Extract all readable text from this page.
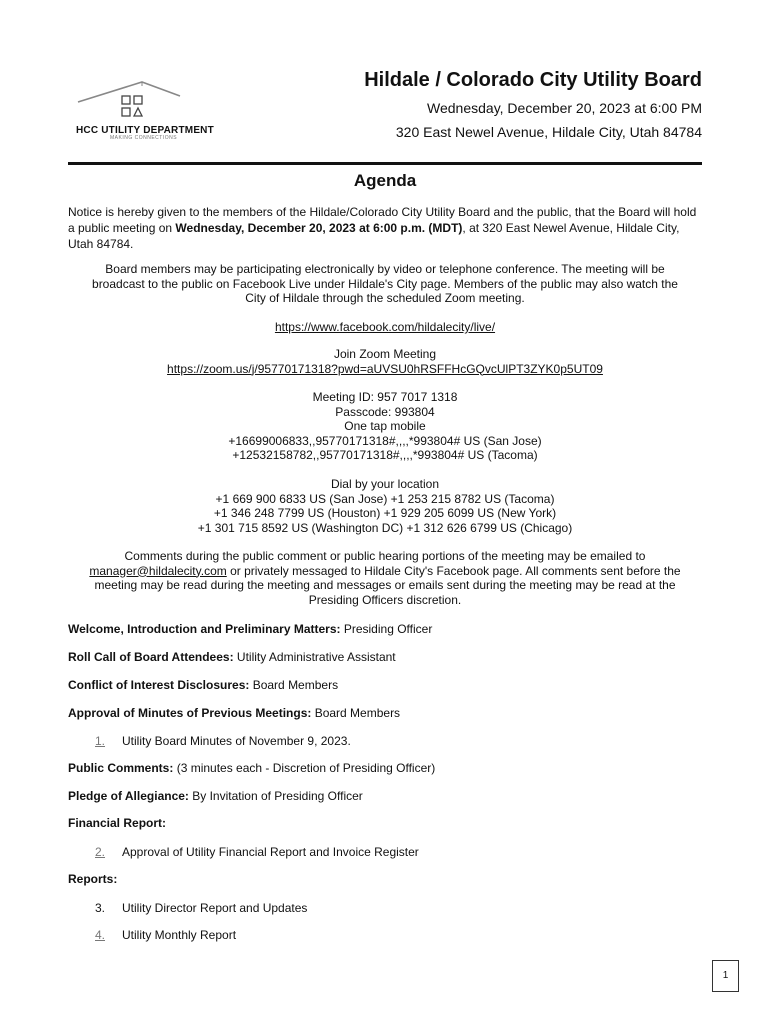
HCC UTILITY DEPARTMENT
MAKING CONNECTIONS
Hildale / Colorado City Utility Board
Wednesday, December 20, 2023 at 6:00 PM
320 East Newel Avenue, Hildale City, Utah 84784
Agenda
Notice is hereby given to the members of the Hildale/Colorado City Utility Board and the public, that the Board will hold a public meeting on Wednesday, December 20, 2023 at 6:00 p.m. (MDT), at 320 East Newel Avenue, Hildale City, Utah 84784.
Board members may be participating electronically by video or telephone conference. The meeting will be
broadcast to the public on Facebook Live under Hildale's City page. Members of the public may also watch the
City of Hildale through the scheduled Zoom meeting.
https://www.facebook.com/hildalecity/live/
Join Zoom Meeting
https://zoom.us/j/95770171318?pwd=aUVSU0hRSFFHcGQvcUlPT3ZYK0p5UT09
Meeting ID: 957 7017 1318
Passcode: 993804
One tap mobile
+16699006833,,95770171318#,,,,*993804# US (San Jose)
+12532158782,,95770171318#,,,,*993804# US (Tacoma)
Dial by your location
+1 669 900 6833 US (San Jose) +1 253 215 8782 US (Tacoma)
+1 346 248 7799 US (Houston) +1 929 205 6099 US (New York)
+1 301 715 8592 US (Washington DC) +1 312 626 6799 US (Chicago)
Comments during the public comment or public hearing portions of the meeting may be emailed to
manager@hildalecity.com or privately messaged to Hildale City's Facebook page. All comments sent before the
meeting may be read during the meeting and messages or emails sent during the meeting may be read at the
Presiding Officers discretion.
Welcome, Introduction and Preliminary Matters: Presiding Officer
Roll Call of Board Attendees: Utility Administrative Assistant
Conflict of Interest Disclosures: Board Members
Approval of Minutes of Previous Meetings: Board Members
1. Utility Board Minutes of November 9, 2023.
Public Comments: (3 minutes each - Discretion of Presiding Officer)
Pledge of Allegiance: By Invitation of Presiding Officer
Financial Report:
2. Approval of Utility Financial Report and Invoice Register
Reports:
3. Utility Director Report and Updates
4. Utility Monthly Report
1
